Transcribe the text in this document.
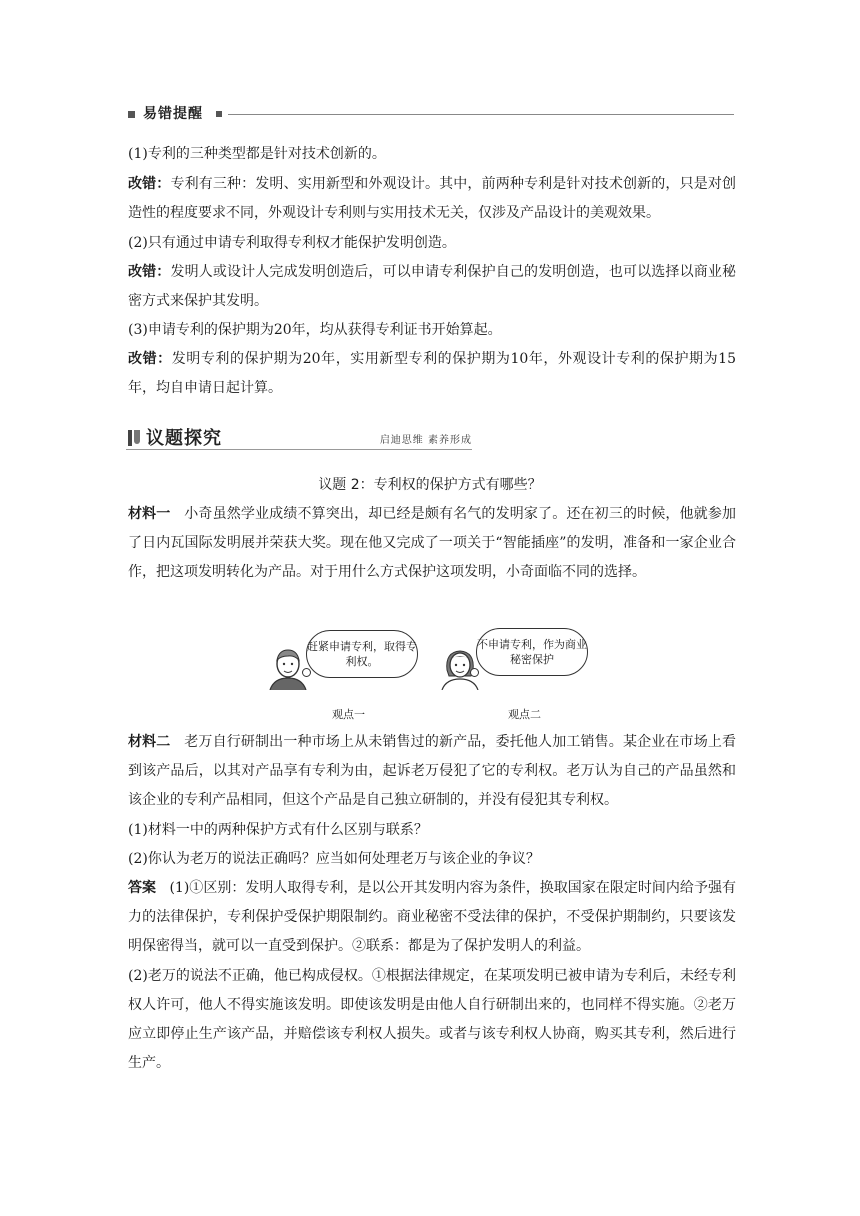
易错提醒

(1)专利的三种类型都是针对技术创新的。

改错：专利有三种：发明、实用新型和外观设计。其中，前两种专利是针对技术创新的，只是对创造性的程度要求不同，外观设计专利则与实用技术无关，仅涉及产品设计的美观效果。

(2)只有通过申请专利取得专利权才能保护发明创造。

改错：发明人或设计人完成发明创造后，可以申请专利保护自己的发明创造，也可以选择以商业秘密方式来保护其发明。

(3)申请专利的保护期为20年，均从获得专利证书开始算起。

改错：发明专利的保护期为20年，实用新型专利的保护期为10年，外观设计专利的保护期为15年，均自申请日起计算。

议题探究	启迪思维 素养形成
议题 2：专利权的保护方式有哪些？

材料一 小奇虽然学业成绩不算突出，却已经是颇有名气的发明家了。还在初三的时候，他就参加了日内瓦国际发明展并荣获大奖。现在他又完成了一项关于“智能插座”的发明，准备和一家企业合作，把这项发明转化为产品。对于用什么方式保护这项发明，小奇面临不同的选择。

赶紧申请专利，取得专利权。
不申请专利，作为商业秘密保护
观点一	观点二

材料二 老万自行研制出一种市场上从未销售过的新产品，委托他人加工销售。某企业在市场上看到该产品后，以其对产品享有专利为由，起诉老万侵犯了它的专利权。老万认为自己的产品虽然和该企业的专利产品相同，但这个产品是自己独立研制的，并没有侵犯其专利权。

(1)材料一中的两种保护方式有什么区别与联系？

(2)你认为老万的说法正确吗？应当如何处理老万与该企业的争议？

答案 (1)①区别：发明人取得专利，是以公开其发明内容为条件，换取国家在限定时间内给予强有力的法律保护，专利保护受保护期限制约。商业秘密不受法律的保护，不受保护期制约，只要该发明保密得当，就可以一直受到保护。②联系：都是为了保护发明人的利益。

(2)老万的说法不正确，他已构成侵权。①根据法律规定，在某项发明已被申请为专利后，未经专利权人许可，他人不得实施该发明。即使该发明是由他人自行研制出来的，也同样不得实施。②老万应立即停止生产该产品，并赔偿该专利权人损失。或者与该专利权人协商，购买其专利，然后进行生产。
